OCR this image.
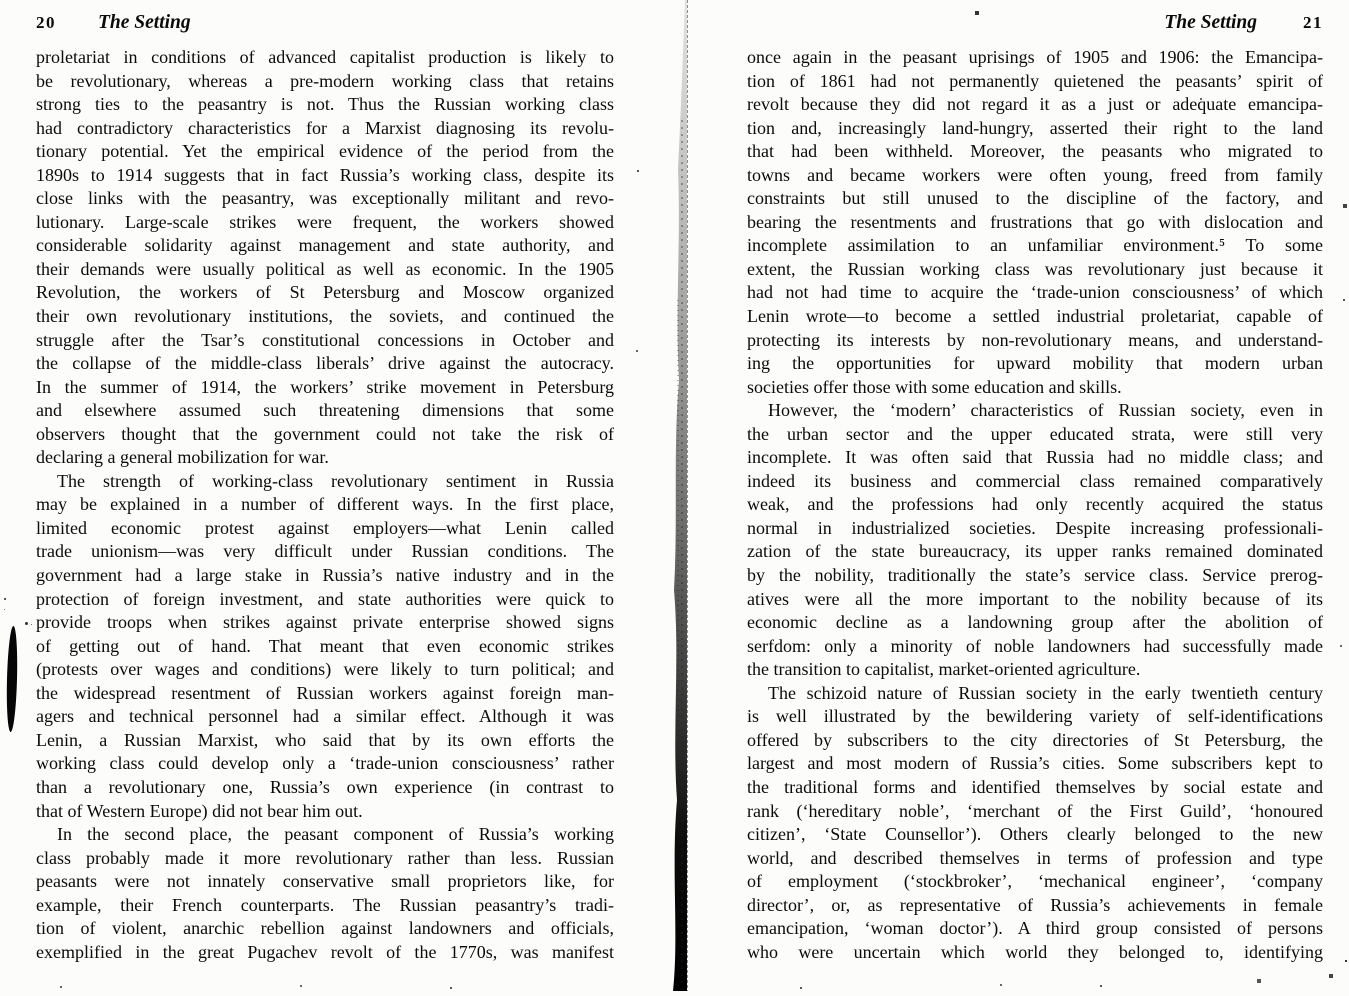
20 The Setting
proletariat in conditions of advanced capitalist production is likely to
be revolutionary, whereas a pre-modern working class that retains
strong ties to the peasantry is not. Thus the Russian working class
had contradictory characteristics for a Marxist diagnosing its revolu-
tionary potential. Yet the empirical evidence of the period from the
1890s to 1914 suggests that in fact Russia’s working class, despite its
close links with the peasantry, was exceptionally militant and revo-
lutionary. Large-scale strikes were frequent, the workers showed
considerable solidarity against management and state authority, and
their demands were usually political as well as economic. In the 1905
Revolution, the workers of St Petersburg and Moscow organized
their own revolutionary institutions, the soviets, and continued the
struggle after the Tsar’s constitutional concessions in October and
the collapse of the middle-class liberals’ drive against the autocracy.
In the summer of 1914, the workers’ strike movement in Petersburg
and elsewhere assumed such threatening dimensions that some
observers thought that the government could not take the risk of
declaring a general mobilization for war.
The strength of working-class revolutionary sentiment in Russia
may be explained in a number of different ways. In the first place,
limited economic protest against employers—what Lenin called
trade unionism—was very difficult under Russian conditions. The
government had a large stake in Russia’s native industry and in the
protection of foreign investment, and state authorities were quick to
provide troops when strikes against private enterprise showed signs
of getting out of hand. That meant that even economic strikes
(protests over wages and conditions) were likely to turn political; and
the widespread resentment of Russian workers against foreign man-
agers and technical personnel had a similar effect. Although it was
Lenin, a Russian Marxist, who said that by its own efforts the
working class could develop only a ‘trade-union consciousness’ rather
than a revolutionary one, Russia’s own experience (in contrast to
that of Western Europe) did not bear him out.
In the second place, the peasant component of Russia’s working
class probably made it more revolutionary rather than less. Russian
peasants were not innately conservative small proprietors like, for
example, their French counterparts. The Russian peasantry’s tradi-
tion of violent, anarchic rebellion against landowners and officials,
exemplified in the great Pugachev revolt of the 1770s, was manifest
The Setting	21
once again in the peasant uprisings of 1905 and 1906: the Emancipa-
tion of 1861 had not permanently quietened the peasants’ spirit of
revolt because they did not regard it as a just or adequate emancipa-
tion and, increasingly land-hungry, asserted their right to the land
that had been withheld. Moreover, the peasants who migrated to
towns and became workers were often young, freed from family
constraints but still unused to the discipline of the factory, and
bearing the resentments and frustrations that go with dislocation and
incomplete assimilation to an unfamiliar environment.⁵ To some
extent, the Russian working class was revolutionary just because it
had not had time to acquire the ‘trade-union consciousness’ of which
Lenin wrote—to become a settled industrial proletariat, capable of
protecting its interests by non-revolutionary means, and understand-
ing the opportunities for upward mobility that modern urban
societies offer those with some education and skills.
However, the ‘modern’ characteristics of Russian society, even in
the urban sector and the upper educated strata, were still very
incomplete. It was often said that Russia had no middle class; and
indeed its business and commercial class remained comparatively
weak, and the professions had only recently acquired the status
normal in industrialized societies. Despite increasing professionali-
zation of the state bureaucracy, its upper ranks remained dominated
by the nobility, traditionally the state’s service class. Service prerog-
atives were all the more important to the nobility because of its
economic decline as a landowning group after the abolition of
serfdom: only a minority of noble landowners had successfully made
the transition to capitalist, market-oriented agriculture.
The schizoid nature of Russian society in the early twentieth century
is well illustrated by the bewildering variety of self-identifications
offered by subscribers to the city directories of St Petersburg, the
largest and most modern of Russia’s cities. Some subscribers kept to
the traditional forms and identified themselves by social estate and
rank (‘hereditary noble’, ‘merchant of the First Guild’, ‘honoured
citizen’, ‘State Counsellor’). Others clearly belonged to the new
world, and described themselves in terms of profession and type
of employment (‘stockbroker’, ‘mechanical engineer’, ‘company
director’, or, as representative of Russia’s achievements in female
emancipation, ‘woman doctor’). A third group consisted of persons
who were uncertain which world they belonged to, identifying
